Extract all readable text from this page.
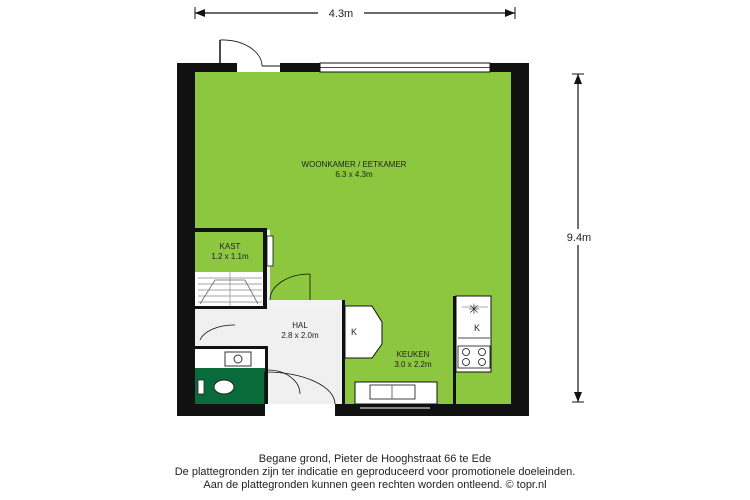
4.3m
9.4m
K
✳
K
WOONKAMER / EETKAMER
6.3 x 4.3m
KAST
1.2 x 1.1m
HAL
2.8 x 2.0m
KEUKEN
3.0 x 2.2m
Begane grond, Pieter de Hooghstraat 66 te Ede
De plattegronden zijn ter indicatie en geproduceerd voor promotionele doeleinden.
Aan de plattegronden kunnen geen rechten worden ontleend. © topr.nl
